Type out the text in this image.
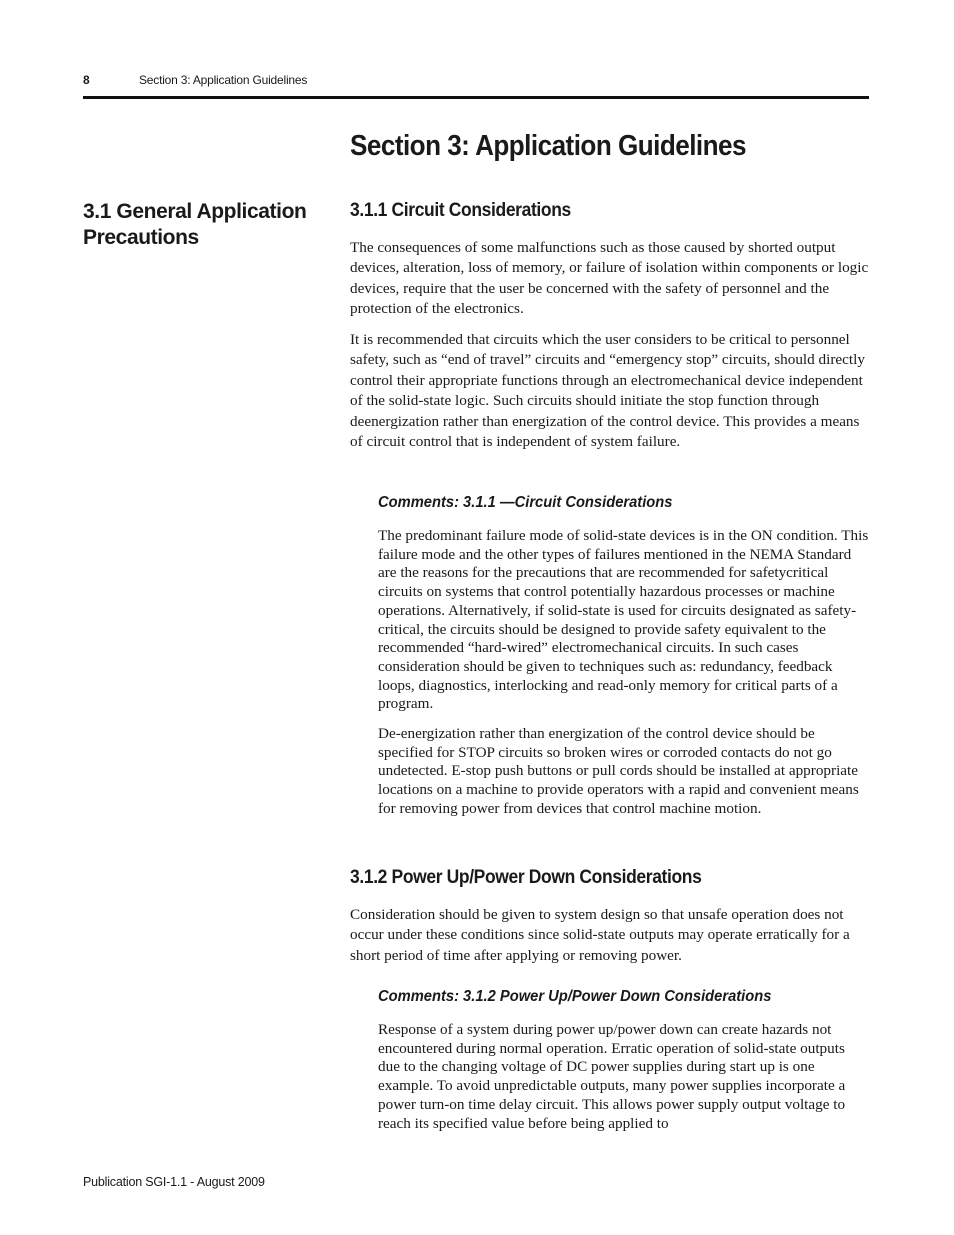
8	Section 3: Application Guidelines
Section 3: Application Guidelines
3.1 General Application Precautions
3.1.1 Circuit Considerations

The consequences of some malfunctions such as those caused by shorted output devices, alteration, loss of memory, or failure of isolation within components or logic devices, require that the user be concerned with the safety of personnel and the protection of the electronics.

It is recommended that circuits which the user considers to be critical to personnel safety, such as “end of travel” circuits and “emergency stop” circuits, should directly control their appropriate functions through an electromechanical device independent of the solid-state logic. Such circuits should initiate the stop function through deenergization rather than energization of the control device. This provides a means of circuit control that is independent of system failure.

Comments: 3.1.1 —Circuit Considerations

The predominant failure mode of solid-state devices is in the ON condition. This failure mode and the other types of failures mentioned in the NEMA Standard are the reasons for the precautions that are recommended for safetycritical circuits on systems that control potentially hazardous processes or machine operations. Alternatively, if solid-state is used for circuits designated as safety-critical, the circuits should be designed to provide safety equivalent to the recommended “hard-wired” electromechanical circuits. In such cases consideration should be given to techniques such as: redundancy, feedback loops, diagnostics, interlocking and read-only memory for critical parts of a program.

De-energization rather than energization of the control device should be specified for STOP circuits so broken wires or corroded contacts do not go undetected. E-stop push buttons or pull cords should be installed at appropriate locations on a machine to provide operators with a rapid and convenient means for removing power from devices that control machine motion.

3.1.2 Power Up/Power Down Considerations

Consideration should be given to system design so that unsafe operation does not occur under these conditions since solid-state outputs may operate erratically for a short period of time after applying or removing power.

Comments: 3.1.2 Power Up/Power Down Considerations

Response of a system during power up/power down can create hazards not encountered during normal operation. Erratic operation of solid-state outputs due to the changing voltage of DC power supplies during start up is one example. To avoid unpredictable outputs, many power supplies incorporate a power turn-on time delay circuit. This allows power supply output voltage to reach its specified value before being applied to

Publication SGI-1.1 - August 2009
